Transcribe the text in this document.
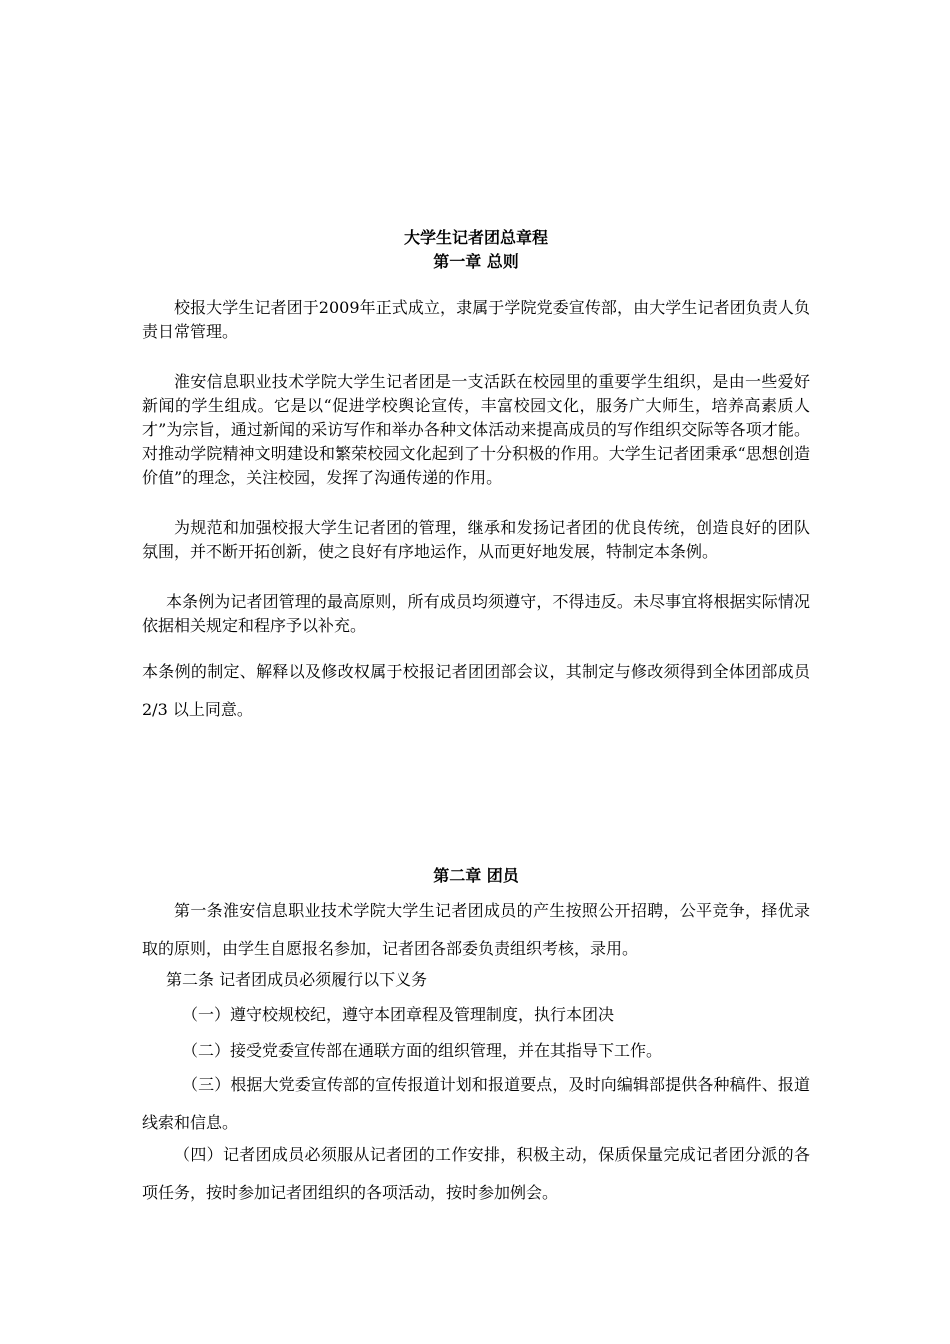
大学生记者团总章程
第一章 总则

校报大学生记者团于2009年正式成立，隶属于学院党委宣传部，由大学生记者团负责人负责日常管理。

淮安信息职业技术学院大学生记者团是一支活跃在校园里的重要学生组织，是由一些爱好新闻的学生组成。它是以“促进学校舆论宣传，丰富校园文化，服务广大师生，培养高素质人才”为宗旨，通过新闻的采访写作和举办各种文体活动来提高成员的写作组织交际等各项才能。对推动学院精神文明建设和繁荣校园文化起到了十分积极的作用。大学生记者团秉承“思想创造价值”的理念，关注校园，发挥了沟通传递的作用。

为规范和加强校报大学生记者团的管理，继承和发扬记者团的优良传统，创造良好的团队氛围，并不断开拓创新，使之良好有序地运作，从而更好地发展，特制定本条例。

本条例为记者团管理的最高原则，所有成员均须遵守，不得违反。未尽事宜将根据实际情况依据相关规定和程序予以补充。

本条例的制定、解释以及修改权属于校报记者团团部会议，其制定与修改须得到全体团部成员 2/3 以上同意。

第二章 团员

第一条淮安信息职业技术学院大学生记者团成员的产生按照公开招聘，公平竞争，择优录取的原则，由学生自愿报名参加，记者团各部委负责组织考核，录用。

第二条 记者团成员必须履行以下义务

（一）遵守校规校纪，遵守本团章程及管理制度，执行本团决

（二）接受党委宣传部在通联方面的组织管理，并在其指导下工作。

（三）根据大党委宣传部的宣传报道计划和报道要点，及时向编辑部提供各种稿件、报道线索和信息。

（四）记者团成员必须服从记者团的工作安排，积极主动，保质保量完成记者团分派的各项任务，按时参加记者团组织的各项活动，按时参加例会。
